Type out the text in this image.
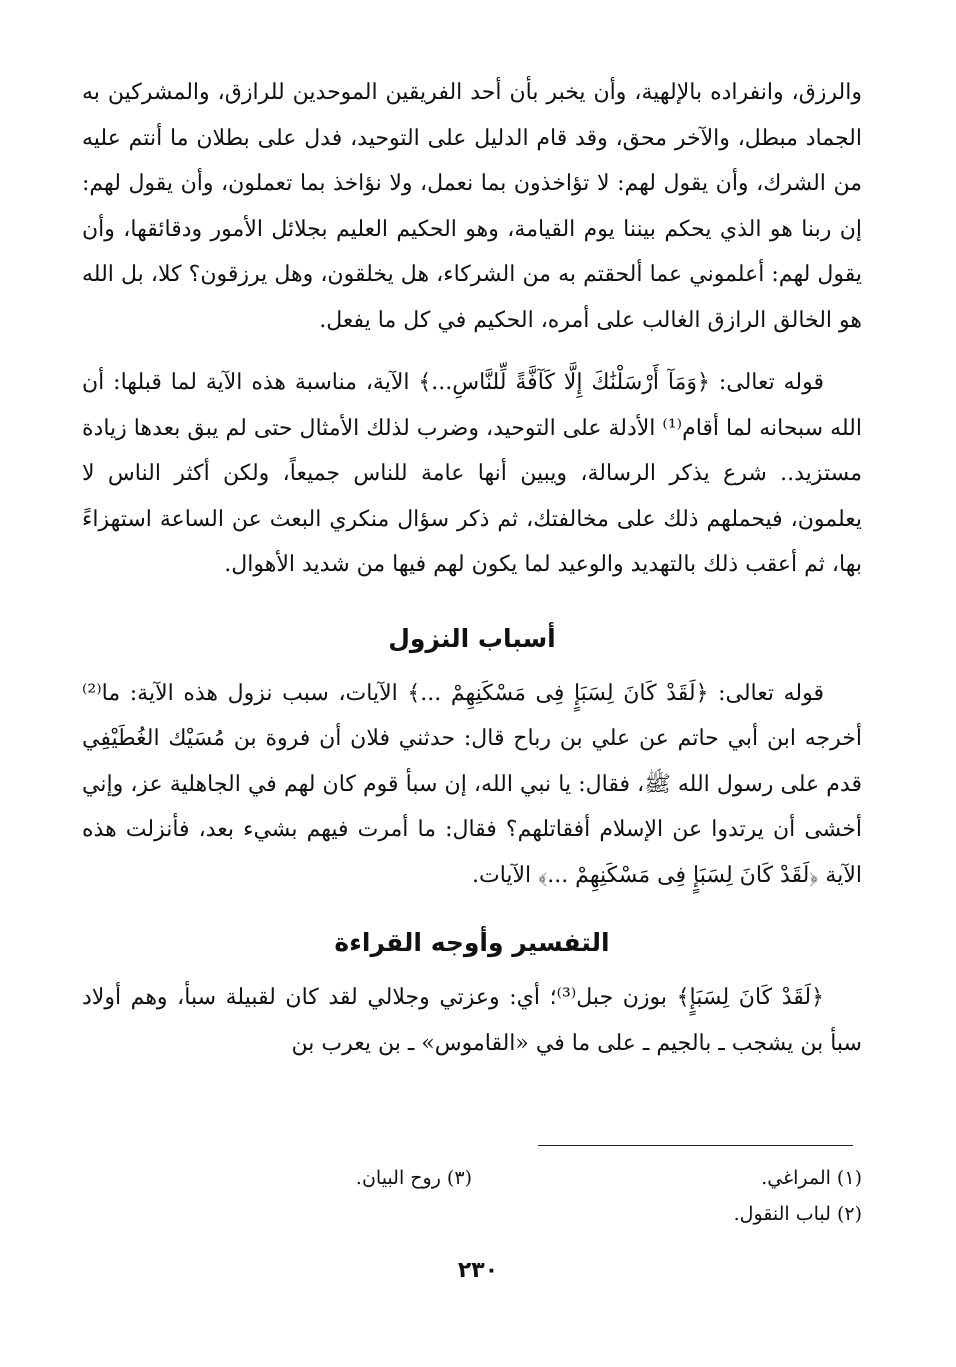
والرزق، وانفراده بالإلهية، وأن يخبر بأن أحد الفريقين الموحدين للرازق، والمشركين به الجماد مبطل، والآخر محق، وقد قام الدليل على التوحيد، فدل على بطلان ما أنتم عليه من الشرك، وأن يقول لهم: لا تؤاخذون بما نعمل، ولا نؤاخذ بما تعملون، وأن يقول لهم: إن ربنا هو الذي يحكم بيننا يوم القيامة، وهو الحكيم العليم بجلائل الأمور ودقائقها، وأن يقول لهم: أعلموني عما ألحقتم به من الشركاء، هل يخلقون، وهل يرزقون؟ كلا، بل الله هو الخالق الرازق الغالب على أمره، الحكيم في كل ما يفعل.

قوله تعالى: ﴿وَمَآ أَرْسَلْنَٰكَ إِلَّا كَآفَّةً لِّلنَّاسِ...﴾ الآية، مناسبة هذه الآية لما قبلها: أن الله سبحانه لما أقام⁽¹⁾ الأدلة على التوحيد، وضرب لذلك الأمثال حتى لم يبق بعدها زيادة مستزيد.. شرع يذكر الرسالة، ويبين أنها عامة للناس جميعاً، ولكن أكثر الناس لا يعلمون، فيحملهم ذلك على مخالفتك، ثم ذكر سؤال منكري البعث عن الساعة استهزاءً بها، ثم أعقب ذلك بالتهديد والوعيد لما يكون لهم فيها من شديد الأهوال.

أسباب النزول

قوله تعالى: ﴿لَقَدْ كَانَ لِسَبَإٍ فِى مَسْكَنِهِمْ ...﴾ الآيات، سبب نزول هذه الآية: ما⁽²⁾ أخرجه ابن أبي حاتم عن علي بن رباح قال: حدثني فلان أن فروة بن مُسَيْك الغُطَيْفِي قدم على رسول الله ﷺ، فقال: يا نبي الله، إن سبأ قوم كان لهم في الجاهلية عز، وإني أخشى أن يرتدوا عن الإسلام أفقاتلهم؟ فقال: ما أمرت فيهم بشيء بعد، فأنزلت هذه الآية ﴿لَقَدْ كَانَ لِسَبَإٍ فِى مَسْكَنِهِمْ ...﴾ الآيات.

التفسير وأوجه القراءة

﴿لَقَدْ كَانَ لِسَبَإٍ﴾ بوزن جبل⁽³⁾؛ أي: وعزتي وجلالي لقد كان لقبيلة سبأ، وهم أولاد سبأ بن يشجب ـ بالجيم ـ على ما في «القاموس» ـ بن يعرب بن

(١) المراغي.
(٣) روح البيان.
(٢) لباب النقول.
٢٣٠
